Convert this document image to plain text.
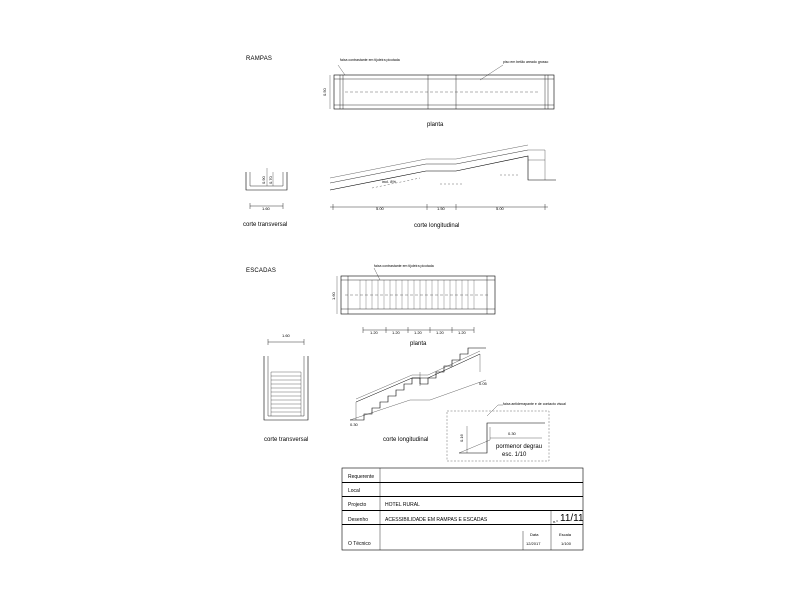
RAMPAS	faixa contrastante em tijoleira picotada	piso em betão areado grosso
0.50
planta
0.90 0.70
1.60
corte transversal
incl. 8%
5.00	1.50	5.00
corte longitudinal
ESCADAS
faixa contrastante em tijoleira picotada
1.60
1.20	1.20	1.20	1.20	1.20
planta
1.60
corte transversal
0.30
0.05
corte longitudinal
faixa antiderrapante e de contacto visual
0.16
0.30
pormenor degrau
esc. 1/10
Requerente
Local
Projecto	HOTEL RURAL
Desenho	ACESSIBILIDADE EM RAMPAS E ESCADAS	n.º 11/11
O Técnico
Data
12/2017
Escala
1/100
